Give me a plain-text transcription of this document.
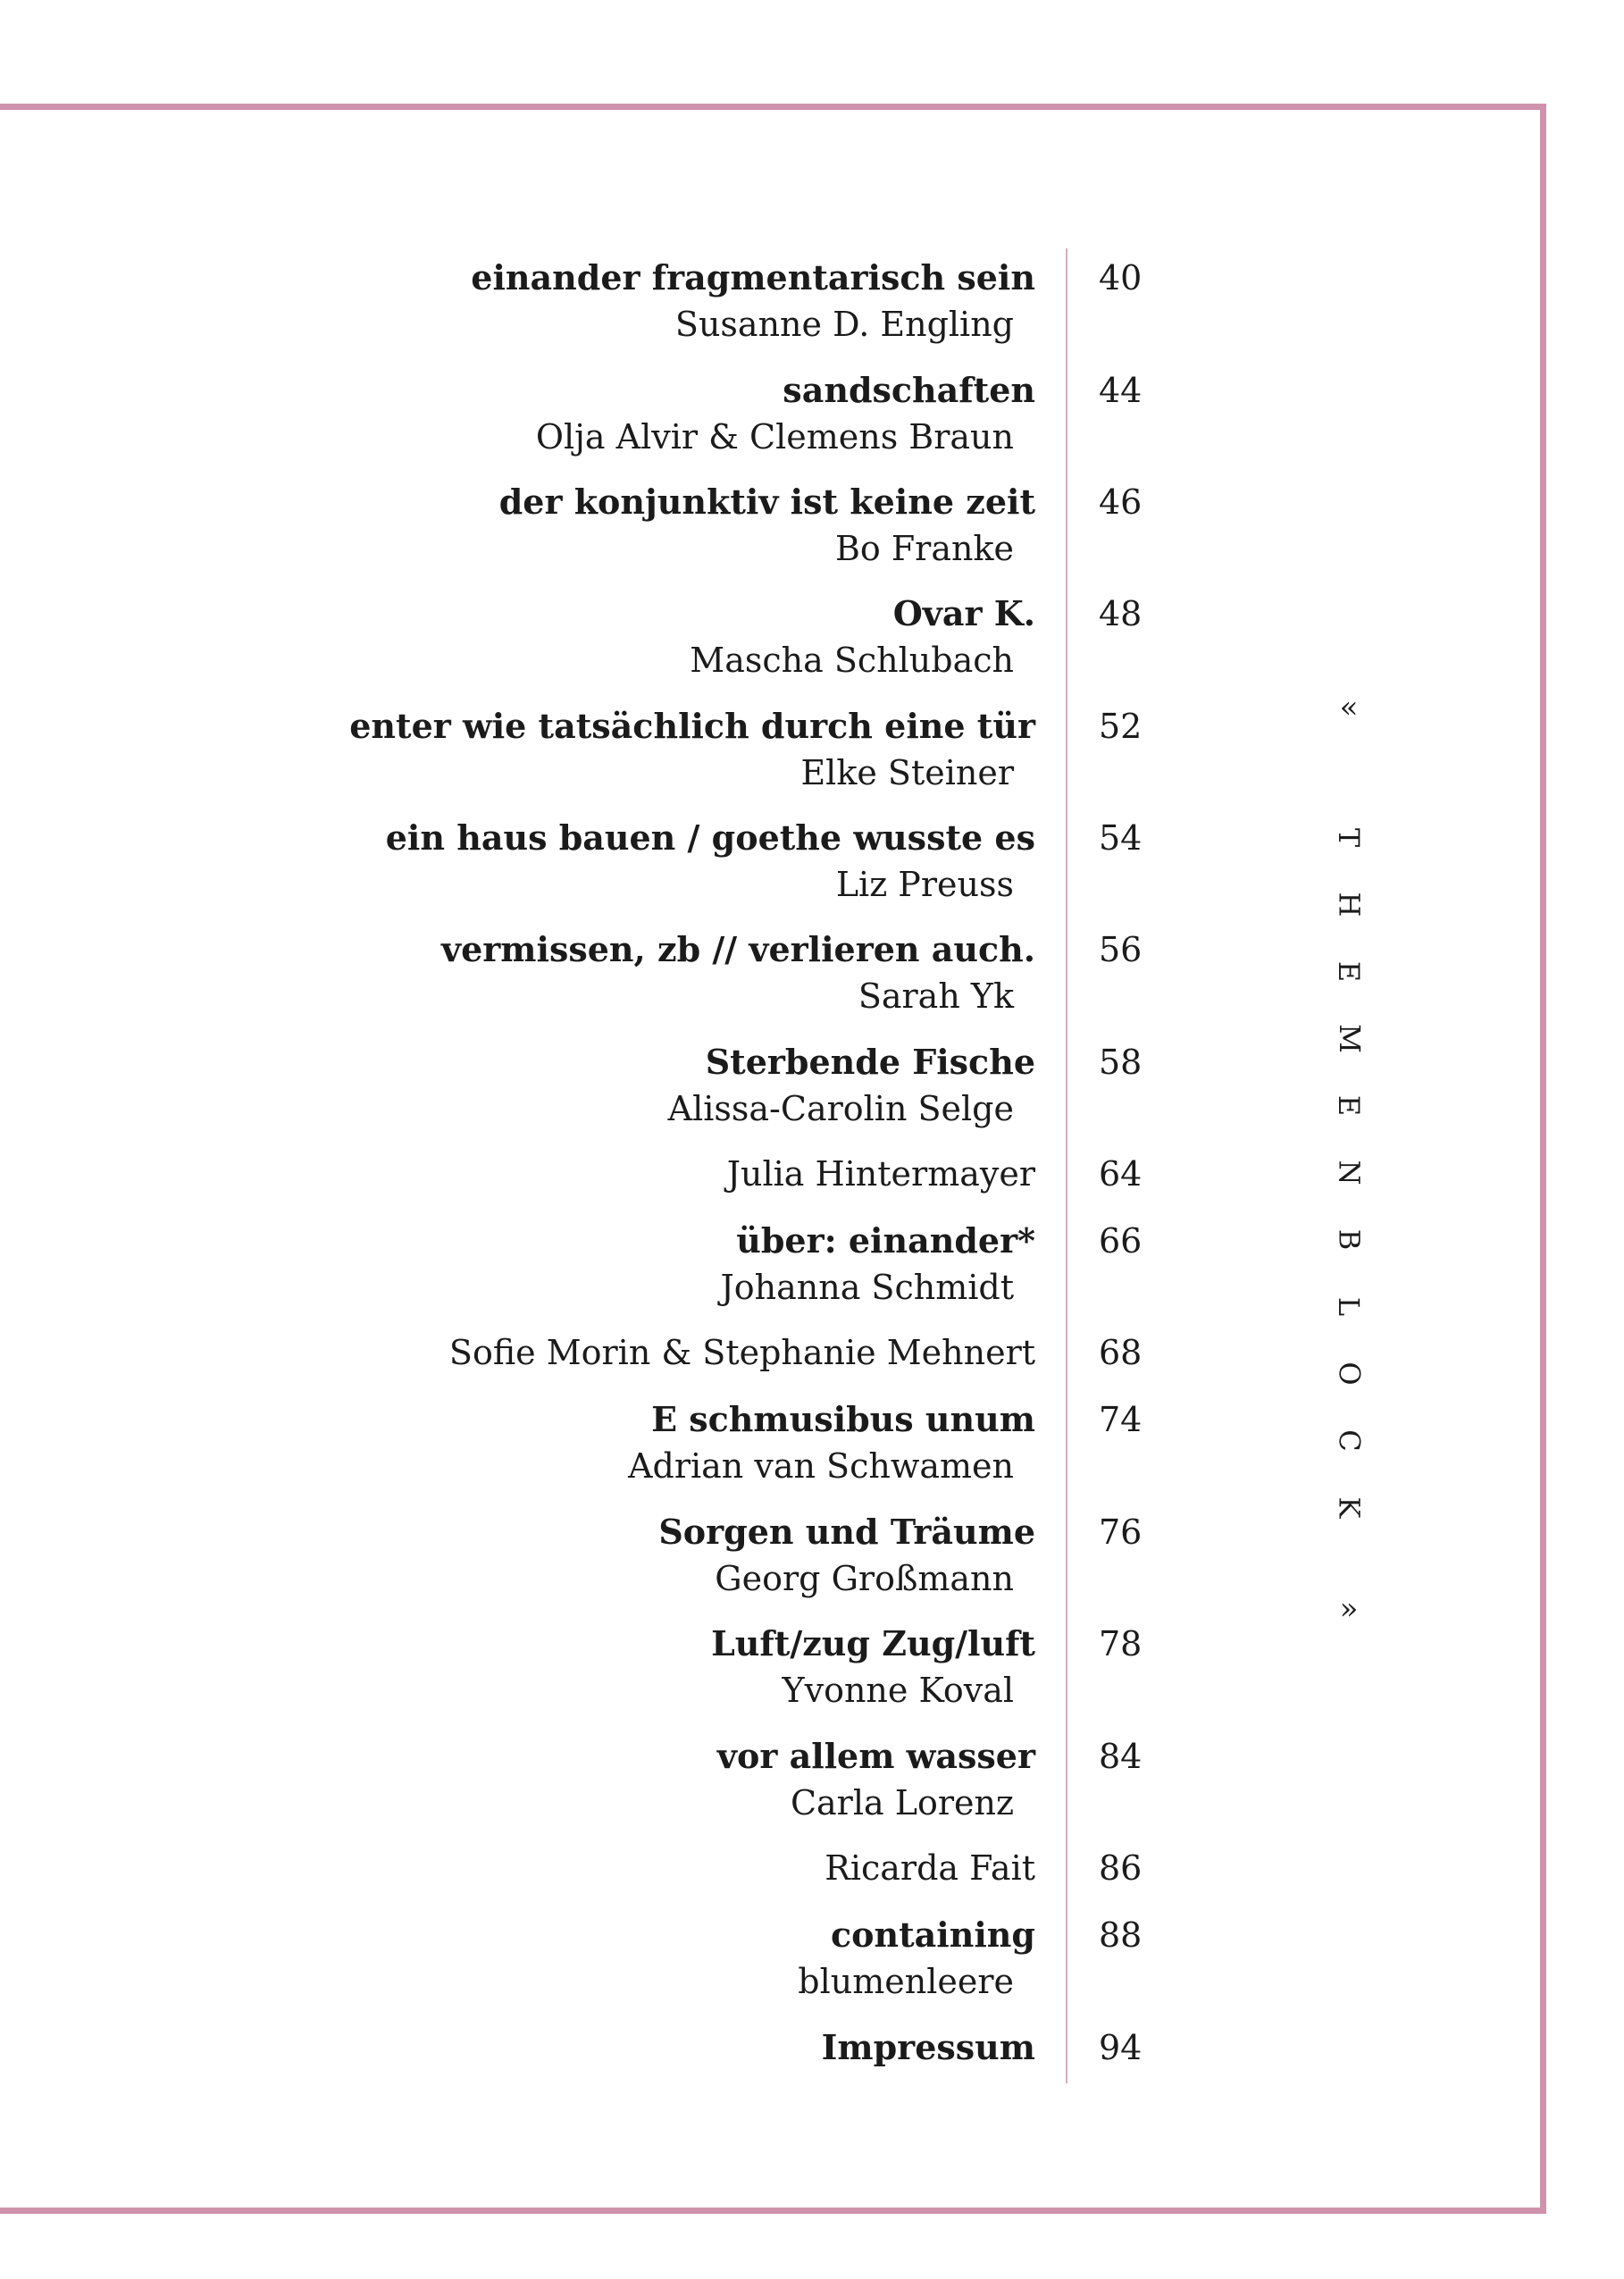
einander fragmentarisch sein
Susanne D. Engling
40
sandschaften
Olja Alvir & Clemens Braun
44
der konjunktiv ist keine zeit
Bo Franke
46
Ovar K.
Mascha Schlubach
48
enter wie tatsächlich durch eine tür
Elke Steiner
52
ein haus bauen / goethe wusste es
Liz Preuss
54
vermissen, zb // verlieren auch.
Sarah Yk
56
Sterbende Fische
Alissa-Carolin Selge
58
Julia Hintermayer 64
über: einander*
Johanna Schmidt
66
Sofie Morin & Stephanie Mehnert 68
E schmusibus unum
Adrian van Schwamen
74
Sorgen und Träume
Georg Großmann
76
Luft/zug Zug/luft
Yvonne Koval
78
vor allem wasser
Carla Lorenz
84
Ricarda Fait 86
containing
blumenleere
88
Impressum 94
«
T
H
E
M
E
N
B
L
O
C
K
»
